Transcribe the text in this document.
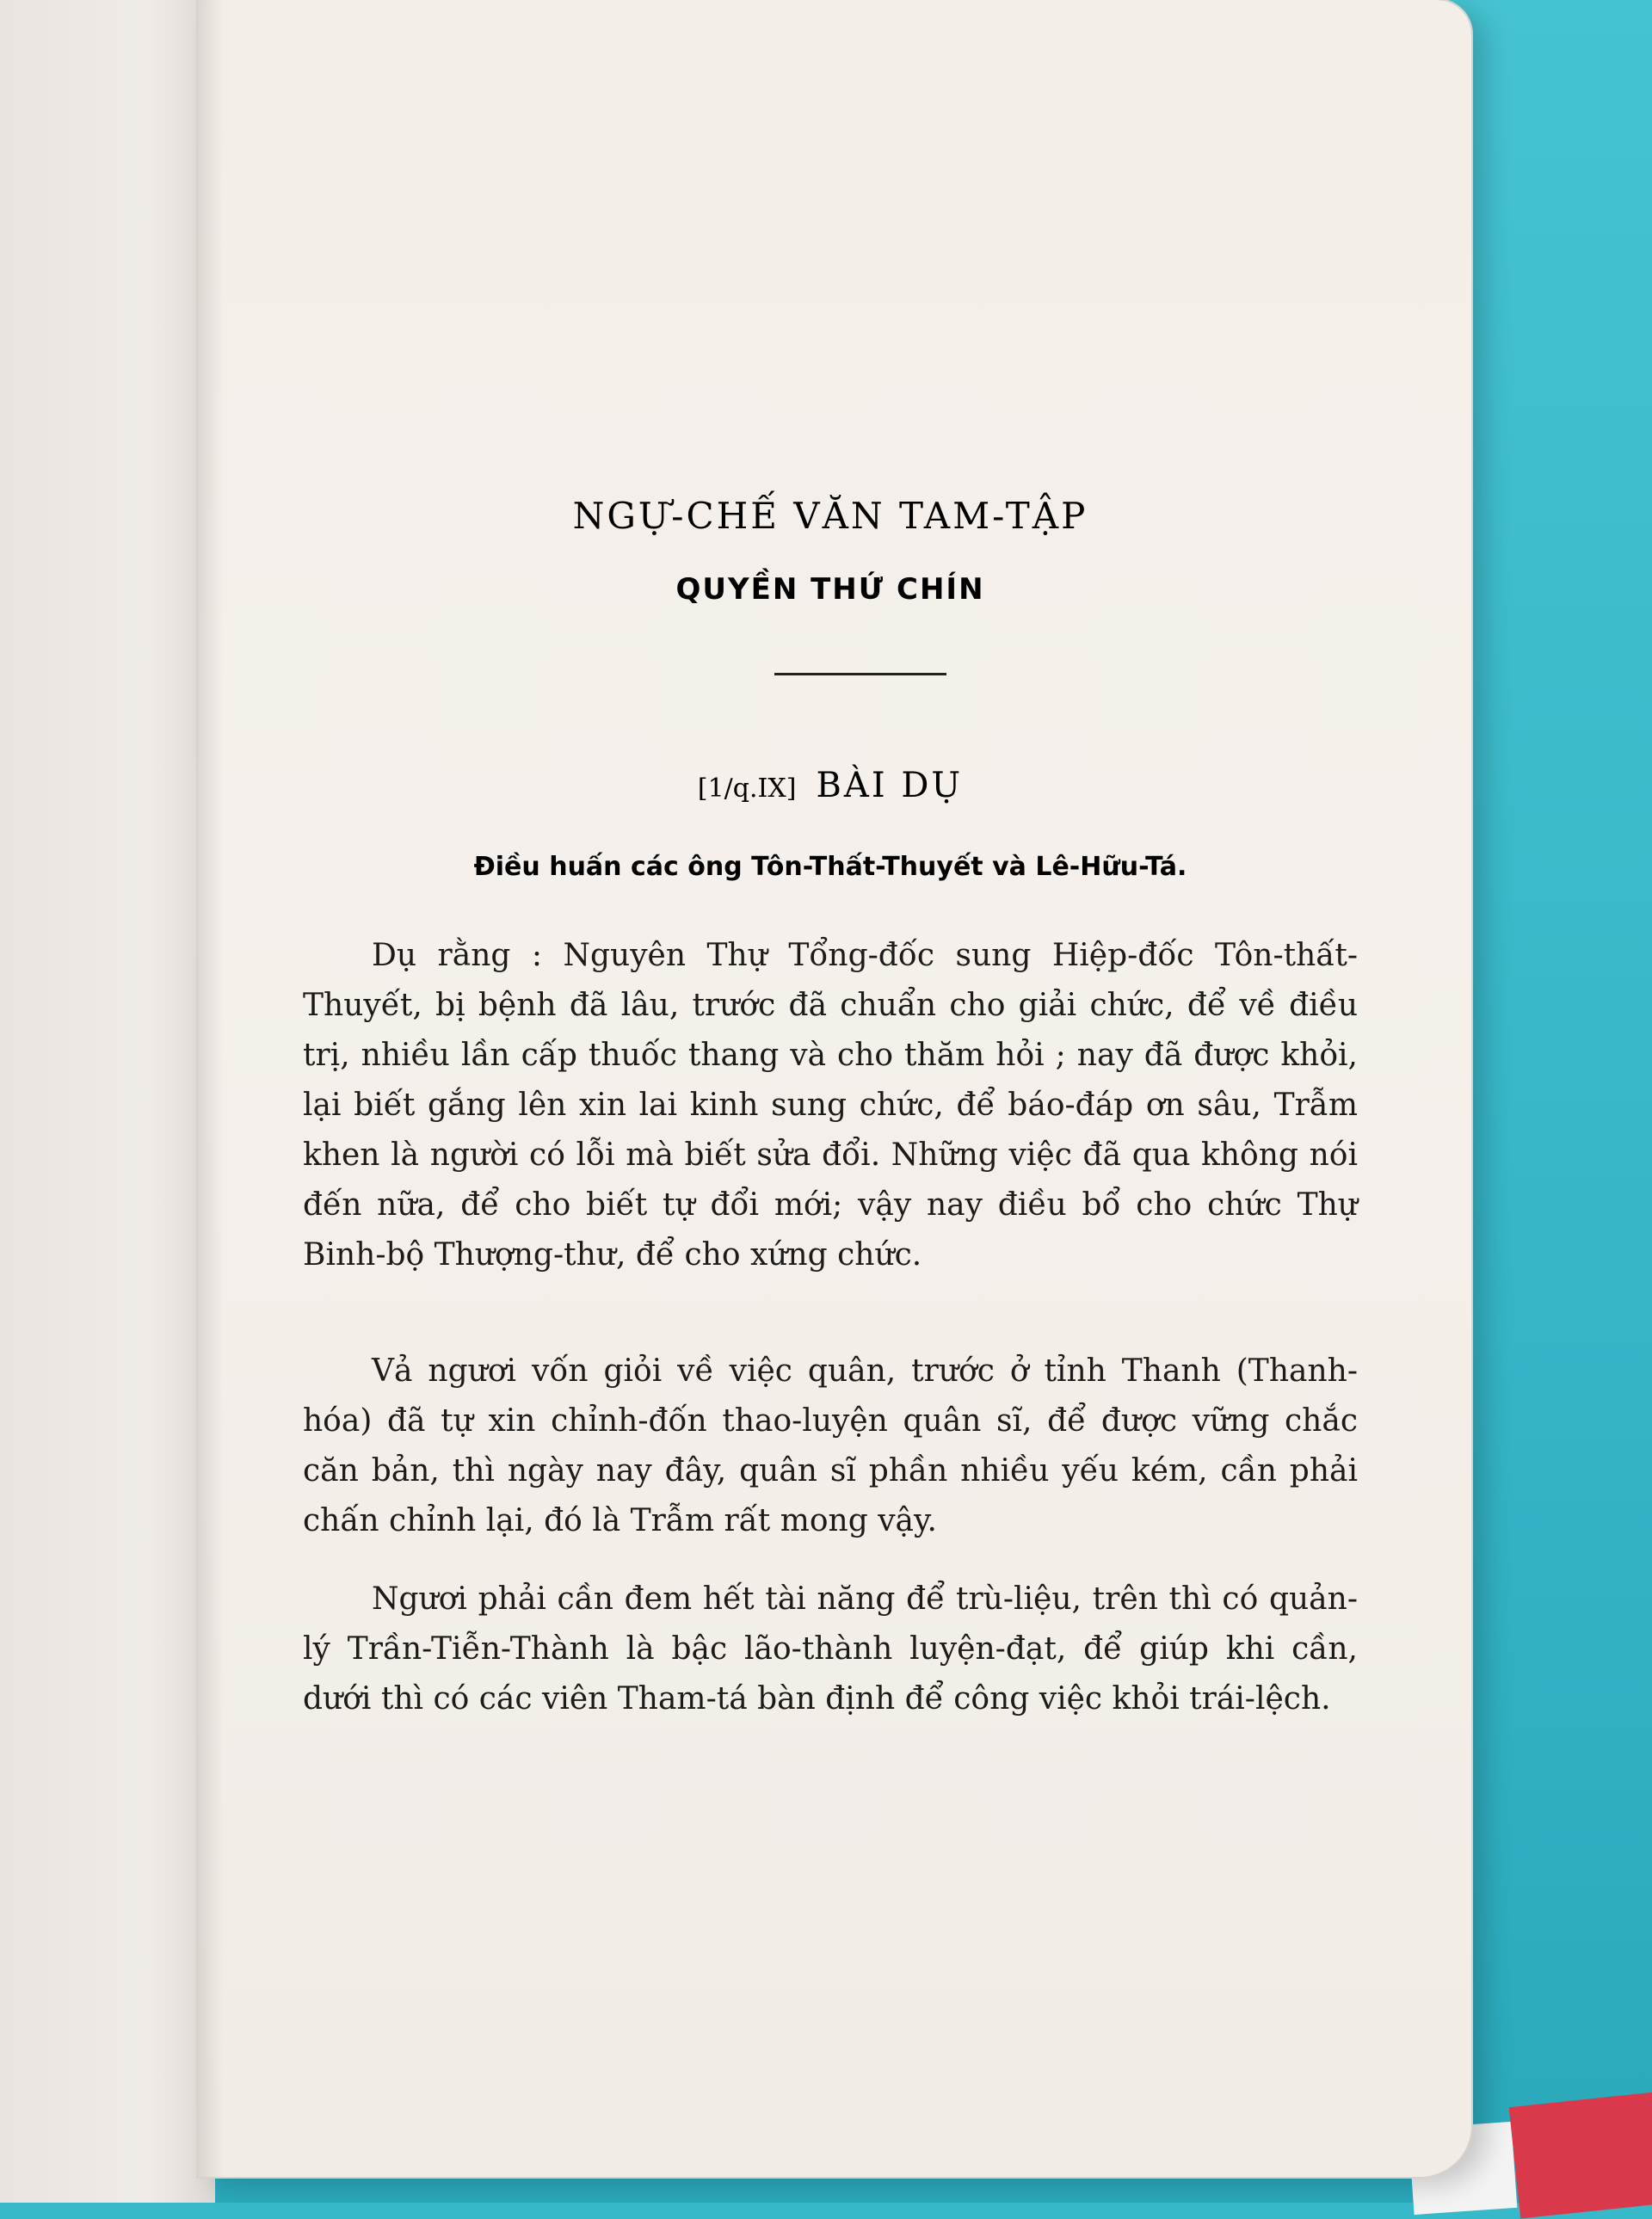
NGỰ-CHẾ VĂN TAM-TẬP
QUYỀN THỨ CHÍN
[1/q.IX] BÀI DỤ
Điều huấn các ông Tôn-Thất-Thuyết và Lê-Hữu-Tá.
Dụ rằng : Nguyên Thự Tổng-đốc sung Hiệp-đốc Tôn-thất-Thuyết, bị bệnh đã lâu, trước đã chuẩn cho giải chức, để về điều trị, nhiều lần cấp thuốc thang và cho thăm hỏi ; nay đã được khỏi, lại biết gắng lên xin lai kinh sung chức, để báo-đáp ơn sâu, Trẫm khen là người có lỗi mà biết sửa đổi. Những việc đã qua không nói đến nữa, để cho biết tự đổi mới; vậy nay điều bổ cho chức Thự Binh-bộ Thượng-thư, để cho xứng chức.
Vả ngươi vốn giỏi về việc quân, trước ở tỉnh Thanh (Thanh-hóa) đã tự xin chỉnh-đốn thao-luyện quân sĩ, để được vững chắc căn bản, thì ngày nay đây, quân sĩ phần nhiều yếu kém, cần phải chấn chỉnh lại, đó là Trẫm rất mong vậy.
Ngươi phải cần đem hết tài năng để trù-liệu, trên thì có quản-lý Trần-Tiễn-Thành là bậc lão-thành luyện-đạt, để giúp khi cần, dưới thì có các viên Tham-tá bàn định để công việc khỏi trái-lệch.
